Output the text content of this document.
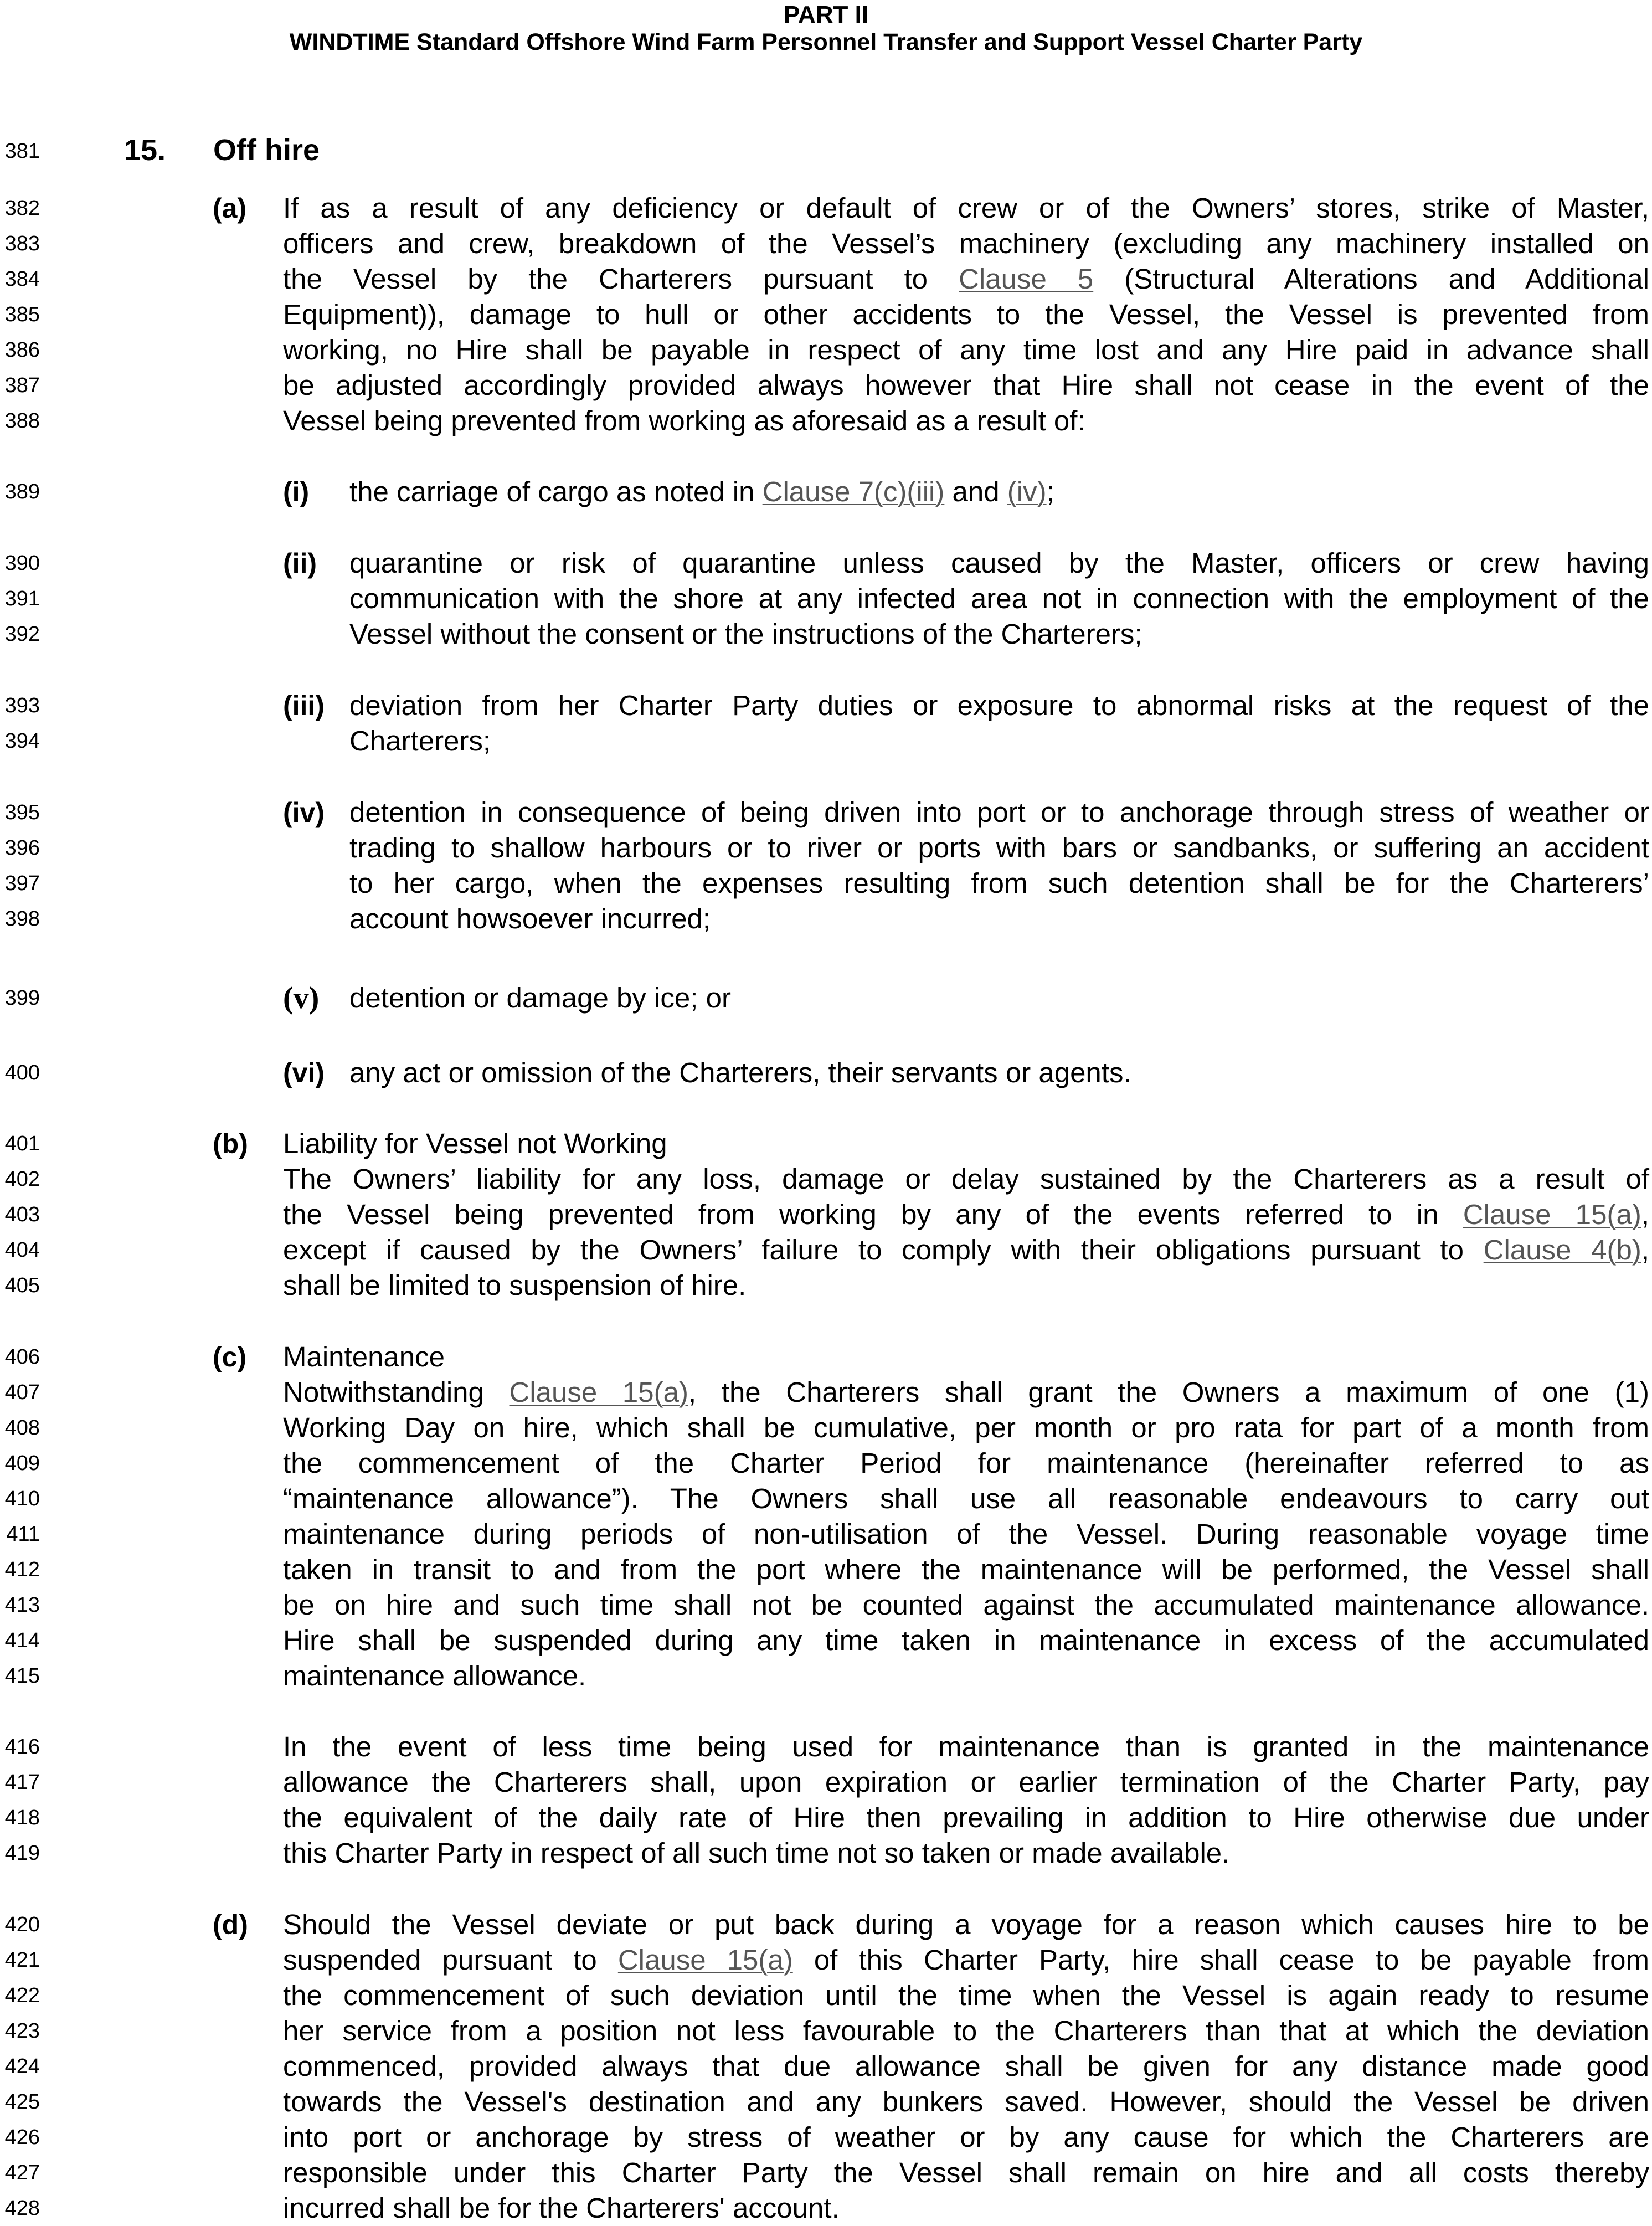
PART II
WINDTIME Standard Offshore Wind Farm Personnel Transfer and Support Vessel Charter Party
381
382
383
384
385
386
387
388
389
390
391
392
393
394
395
396
397
398
399
400
401
402
403
404
405
406
407
408
409
410
411
412
413
414
415
416
417
418
419
420
421
422
423
424
425
426
427
428
15. Off hire
(a) If as a result of any deficiency or default of crew or of the Owners’ stores, strike of Master,
officers and crew, breakdown of the Vessel’s machinery (excluding any machinery installed on
the Vessel by the Charterers pursuant to Clause 5 (Structural Alterations and Additional
Equipment)), damage to hull or other accidents to the Vessel, the Vessel is prevented from
working, no Hire shall be payable in respect of any time lost and any Hire paid in advance shall
be adjusted accordingly provided always however that Hire shall not cease in the event of the
Vessel being prevented from working as aforesaid as a result of:
(i) the carriage of cargo as noted in Clause 7(c)(iii) and (iv);
(ii) quarantine or risk of quarantine unless caused by the Master, officers or crew having
communication with the shore at any infected area not in connection with the employment of the
Vessel without the consent or the instructions of the Charterers;
(iii) deviation from her Charter Party duties or exposure to abnormal risks at the request of the
Charterers;
(iv) detention in consequence of being driven into port or to anchorage through stress of weather or
trading to shallow harbours or to river or ports with bars or sandbanks, or suffering an accident
to her cargo, when the expenses resulting from such detention shall be for the Charterers’
account howsoever incurred;
(v) detention or damage by ice; or
(vi) any act or omission of the Charterers, their servants or agents.
(b) Liability for Vessel not Working
The Owners’ liability for any loss, damage or delay sustained by the Charterers as a result of
the Vessel being prevented from working by any of the events referred to in Clause 15(a),
except if caused by the Owners’ failure to comply with their obligations pursuant to Clause 4(b),
shall be limited to suspension of hire.
(c) Maintenance
Notwithstanding Clause 15(a), the Charterers shall grant the Owners a maximum of one (1)
Working Day on hire, which shall be cumulative, per month or pro rata for part of a month from
the commencement of the Charter Period for maintenance (hereinafter referred to as
“maintenance allowance”). The Owners shall use all reasonable endeavours to carry out
maintenance during periods of non-utilisation of the Vessel. During reasonable voyage time
taken in transit to and from the port where the maintenance will be performed, the Vessel shall
be on hire and such time shall not be counted against the accumulated maintenance allowance.
Hire shall be suspended during any time taken in maintenance in excess of the accumulated
maintenance allowance.
In the event of less time being used for maintenance than is granted in the maintenance
allowance the Charterers shall, upon expiration or earlier termination of the Charter Party, pay
the equivalent of the daily rate of Hire then prevailing in addition to Hire otherwise due under
this Charter Party in respect of all such time not so taken or made available.
(d) Should the Vessel deviate or put back during a voyage for a reason which causes hire to be
suspended pursuant to Clause 15(a) of this Charter Party, hire shall cease to be payable from
the commencement of such deviation until the time when the Vessel is again ready to resume
her service from a position not less favourable to the Charterers than that at which the deviation
commenced, provided always that due allowance shall be given for any distance made good
towards the Vessel's destination and any bunkers saved. However, should the Vessel be driven
into port or anchorage by stress of weather or by any cause for which the Charterers are
responsible under this Charter Party the Vessel shall remain on hire and all costs thereby
incurred shall be for the Charterers' account.
